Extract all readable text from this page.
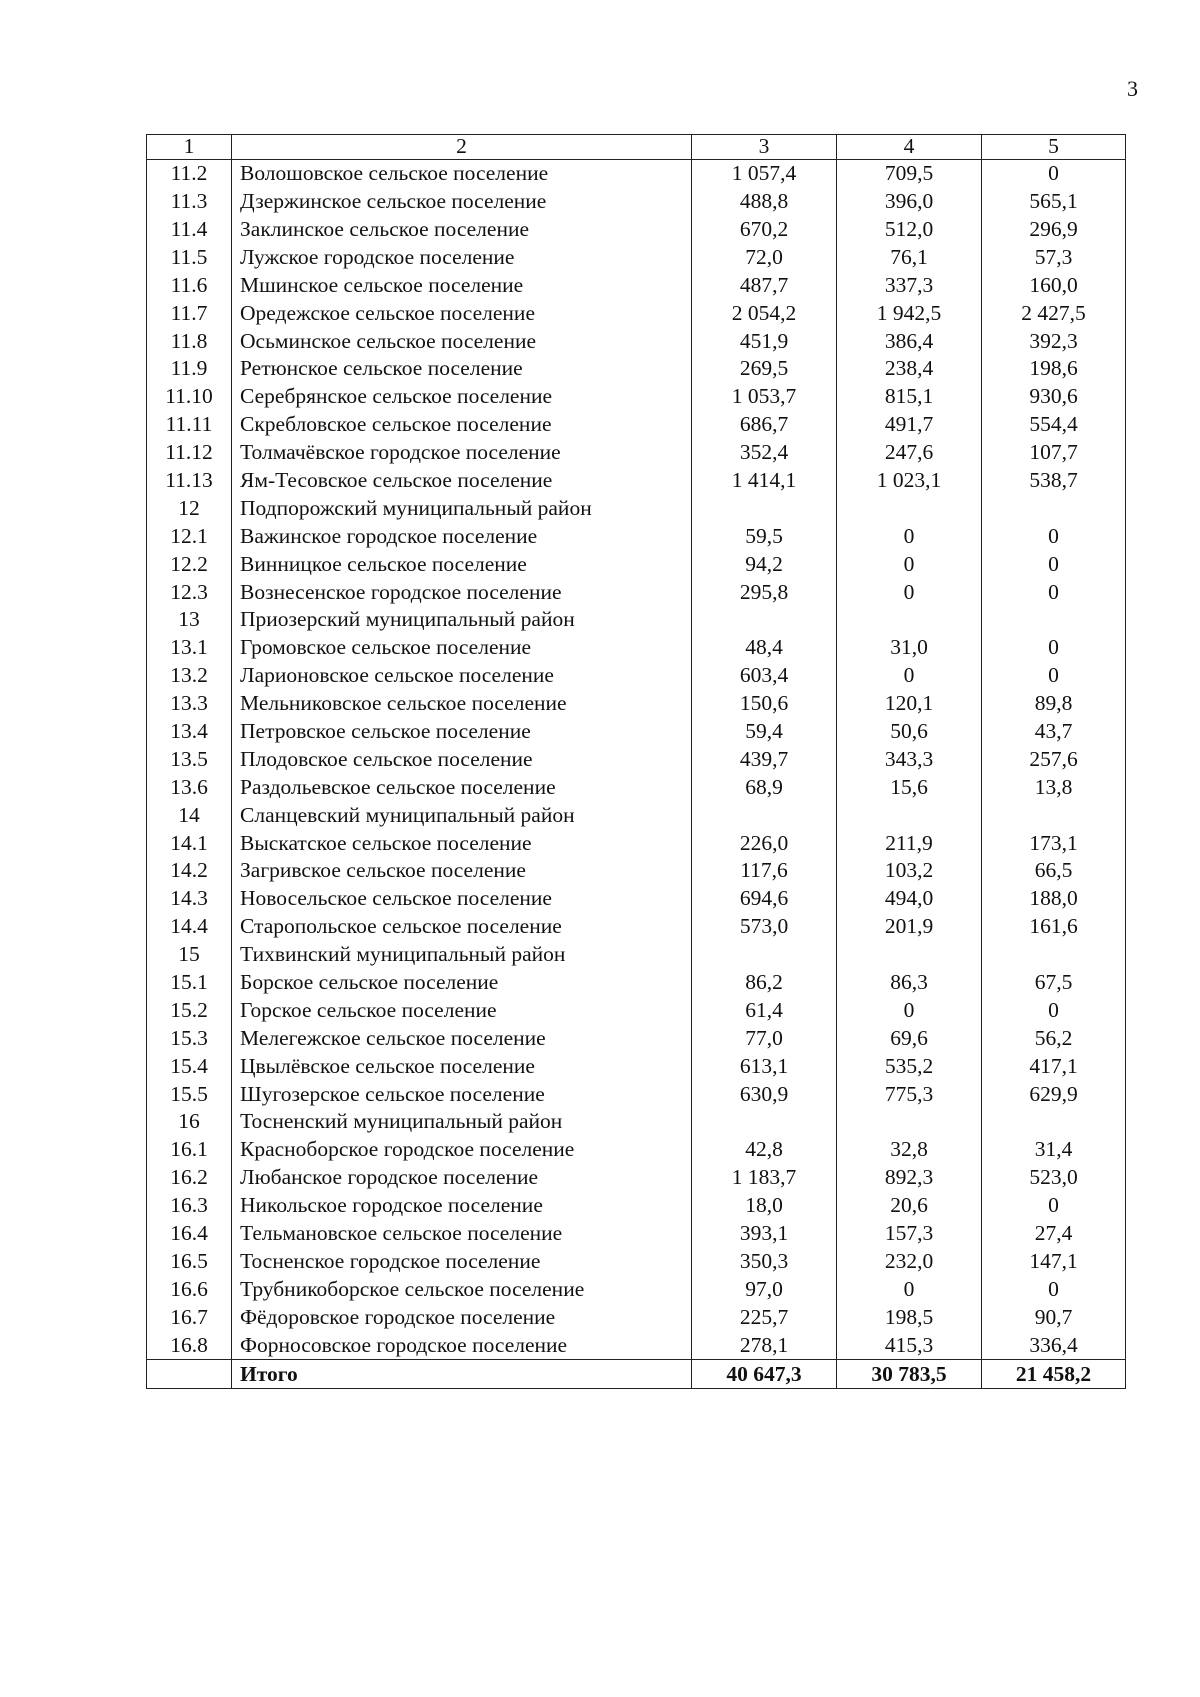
3
1	2	3	4	5
11.2	Волошовское сельское поселение	1 057,4	709,5	0
11.3	Дзержинское сельское поселение	488,8	396,0	565,1
11.4	Заклинское сельское поселение	670,2	512,0	296,9
11.5	Лужское городское поселение	72,0	76,1	57,3
11.6	Мшинское сельское поселение	487,7	337,3	160,0
11.7	Оредежское сельское поселение	2 054,2	1 942,5	2 427,5
11.8	Осьминское сельское поселение	451,9	386,4	392,3
11.9	Ретюнское сельское поселение	269,5	238,4	198,6
11.10	Серебрянское сельское поселение	1 053,7	815,1	930,6
11.11	Скребловское сельское поселение	686,7	491,7	554,4
11.12	Толмачёвское городское поселение	352,4	247,6	107,7
11.13	Ям-Тесовское сельское поселение	1 414,1	1 023,1	538,7
12	Подпорожский муниципальный район			
12.1	Важинское городское поселение	59,5	0	0
12.2	Винницкое сельское поселение	94,2	0	0
12.3	Вознесенское городское поселение	295,8	0	0
13	Приозерский муниципальный район			
13.1	Громовское сельское поселение	48,4	31,0	0
13.2	Ларионовское сельское поселение	603,4	0	0
13.3	Мельниковское сельское поселение	150,6	120,1	89,8
13.4	Петровское сельское поселение	59,4	50,6	43,7
13.5	Плодовское сельское поселение	439,7	343,3	257,6
13.6	Раздольевское сельское поселение	68,9	15,6	13,8
14	Сланцевский муниципальный район			
14.1	Выскатское сельское поселение	226,0	211,9	173,1
14.2	Загривское сельское поселение	117,6	103,2	66,5
14.3	Новосельское сельское поселение	694,6	494,0	188,0
14.4	Старопольское сельское поселение	573,0	201,9	161,6
15	Тихвинский муниципальный район			
15.1	Борское сельское поселение	86,2	86,3	67,5
15.2	Горское сельское поселение	61,4	0	0
15.3	Мелегежское сельское поселение	77,0	69,6	56,2
15.4	Цвылёвское сельское поселение	613,1	535,2	417,1
15.5	Шугозерское сельское поселение	630,9	775,3	629,9
16	Тосненский муниципальный район			
16.1	Красноборское городское поселение	42,8	32,8	31,4
16.2	Любанское городское поселение	1 183,7	892,3	523,0
16.3	Никольское городское поселение	18,0	20,6	0
16.4	Тельмановское сельское поселение	393,1	157,3	27,4
16.5	Тосненское городское поселение	350,3	232,0	147,1
16.6	Трубникоборское сельское поселение	97,0	0	0
16.7	Фёдоровское городское поселение	225,7	198,5	90,7
16.8	Форносовское городское поселение	278,1	415,3	336,4
	Итого	40 647,3	30 783,5	21 458,2
